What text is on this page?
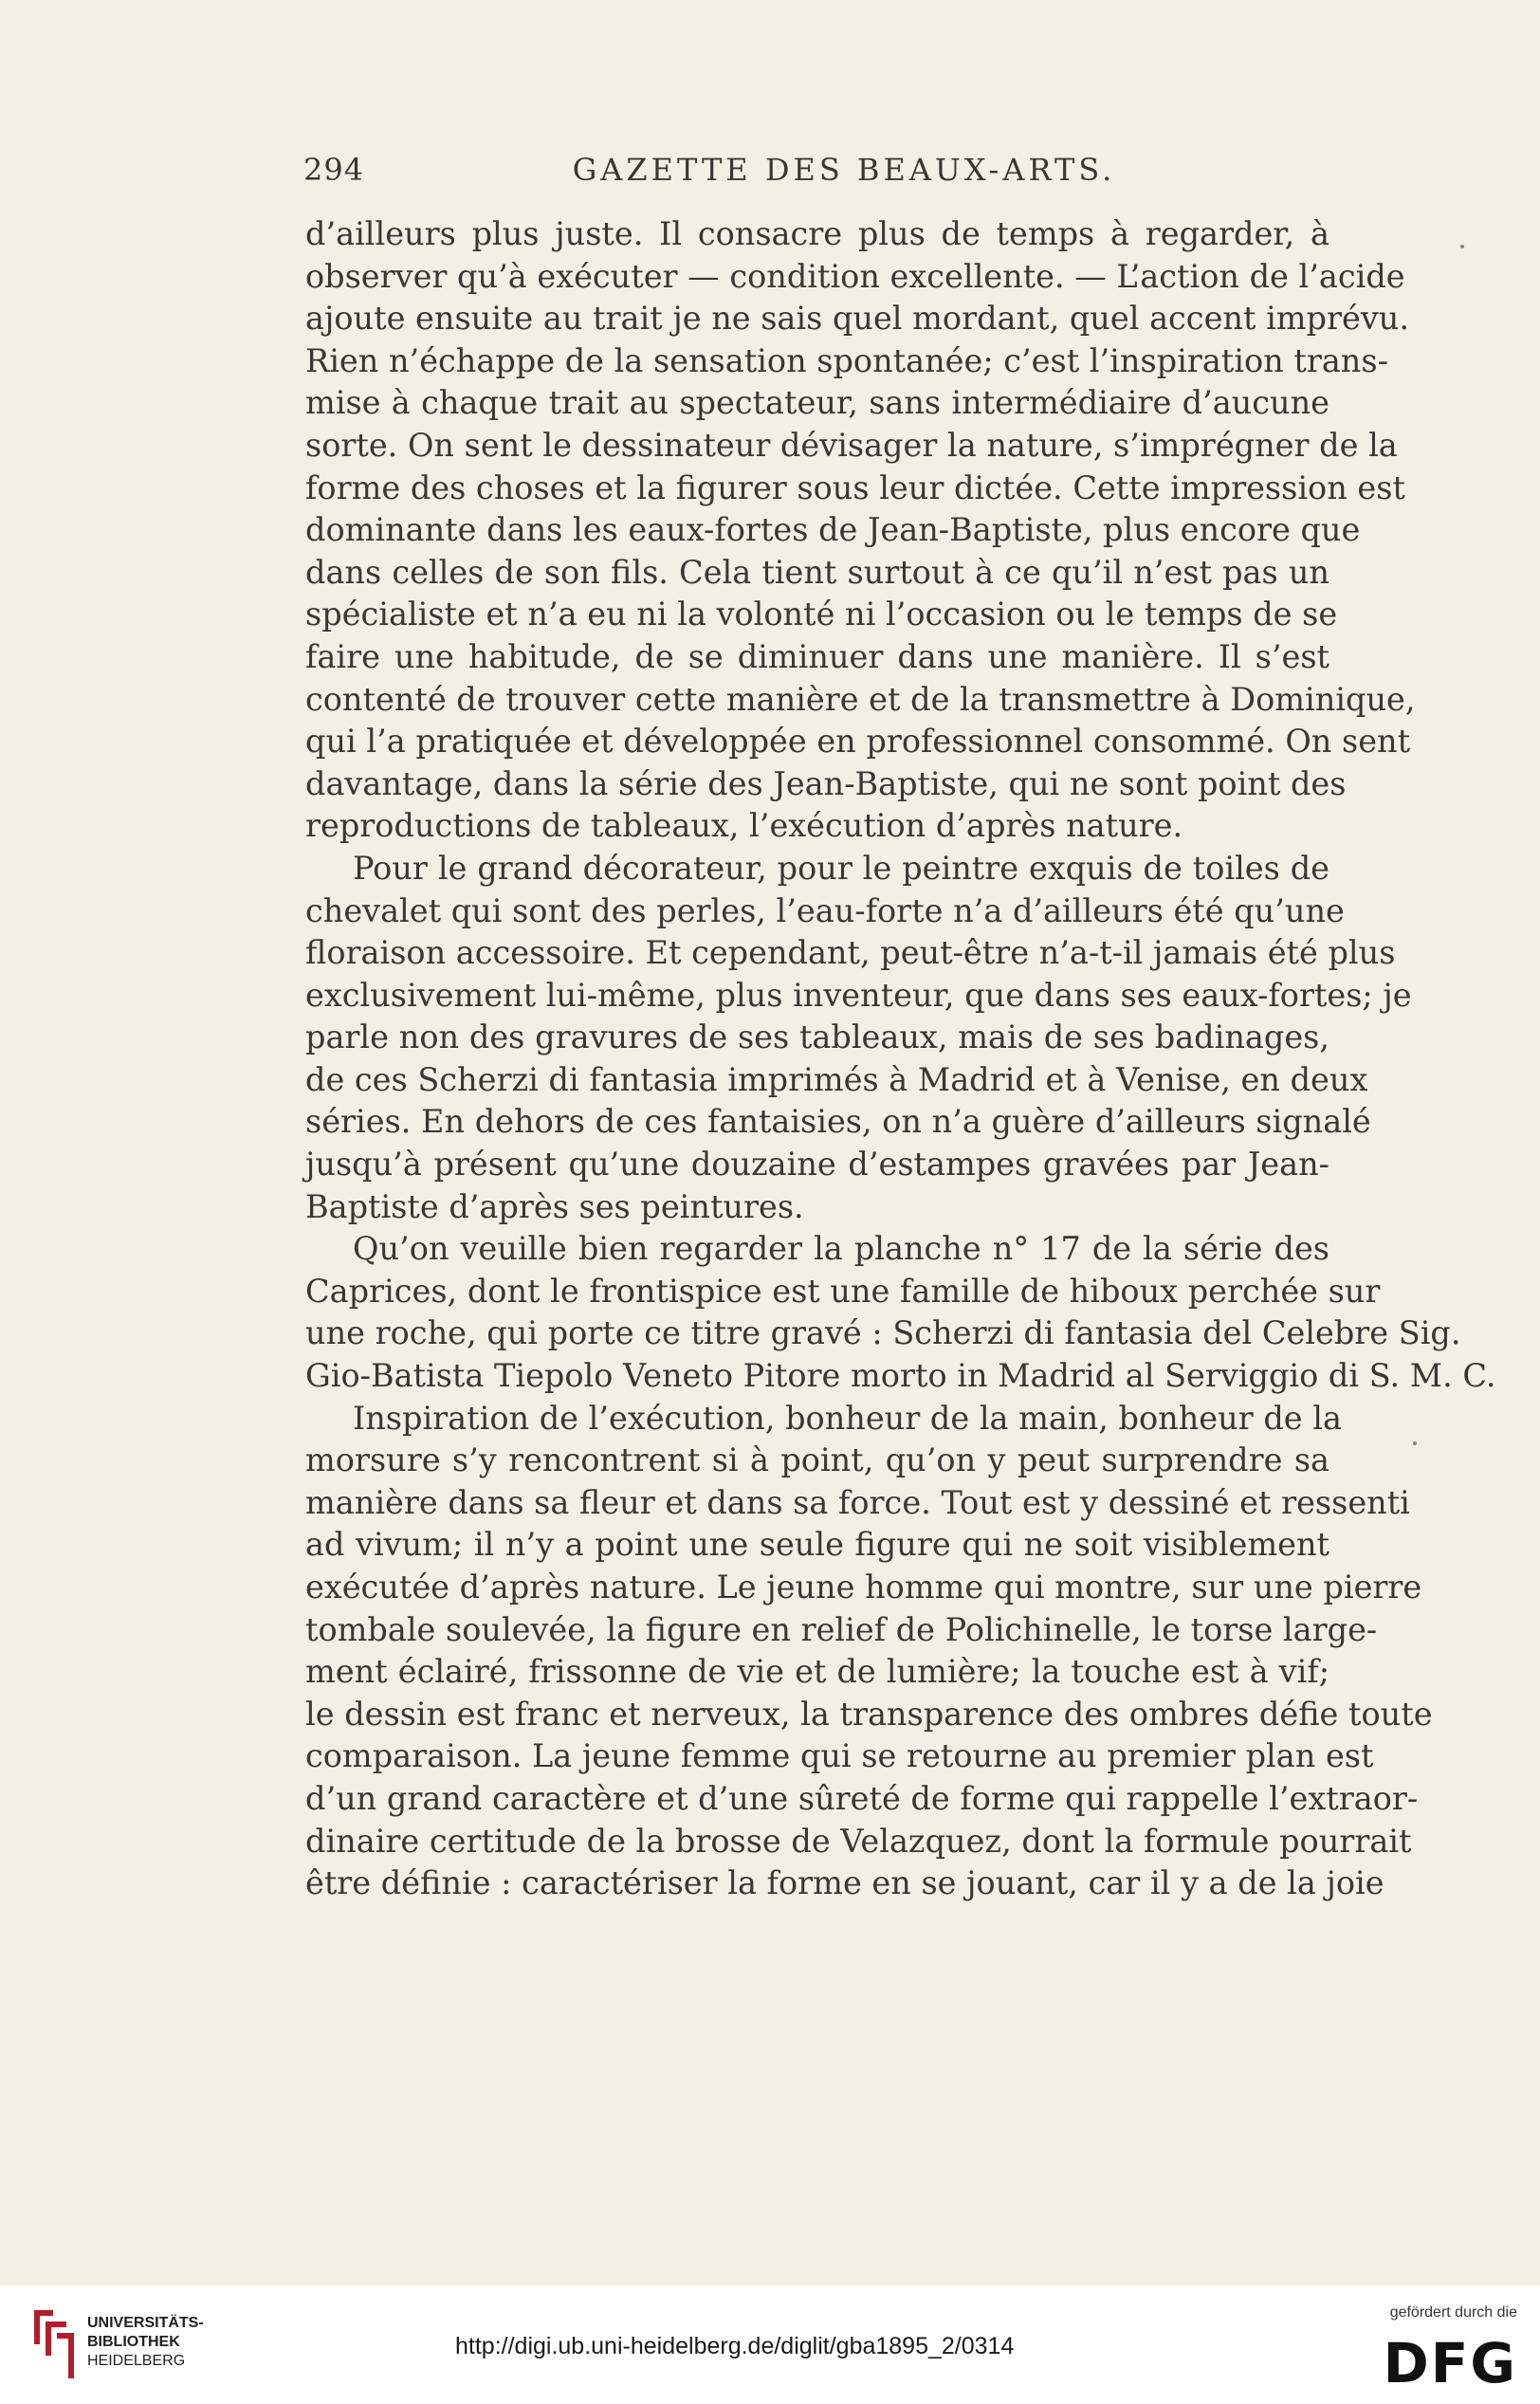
294	GAZETTE DES BEAUX-ARTS.
d’ailleurs plus juste. Il consacre plus de temps à regarder, à
observer qu’à exécuter — condition excellente. — L’action de l’acide
ajoute ensuite au trait je ne sais quel mordant, quel accent imprévu.
Rien n’échappe de la sensation spontanée; c’est l’inspiration trans-
mise à chaque trait au spectateur, sans intermédiaire d’aucune
sorte. On sent le dessinateur dévisager la nature, s’imprégner de la
forme des choses et la figurer sous leur dictée. Cette impression est
dominante dans les eaux-fortes de Jean-Baptiste, plus encore que
dans celles de son fils. Cela tient surtout à ce qu’il n’est pas un
spécialiste et n’a eu ni la volonté ni l’occasion ou le temps de se
faire une habitude, de se diminuer dans une manière. Il s’est
contenté de trouver cette manière et de la transmettre à Dominique,
qui l’a pratiquée et développée en professionnel consommé. On sent
davantage, dans la série des Jean-Baptiste, qui ne sont point des
reproductions de tableaux, l’exécution d’après nature.
Pour le grand décorateur, pour le peintre exquis de toiles de
chevalet qui sont des perles, l’eau-forte n’a d’ailleurs été qu’une
floraison accessoire. Et cependant, peut-être n’a-t-il jamais été plus
exclusivement lui-même, plus inventeur, que dans ses eaux-fortes; je
parle non des gravures de ses tableaux, mais de ses badinages,
de ces Scherzi di fantasia imprimés à Madrid et à Venise, en deux
séries. En dehors de ces fantaisies, on n’a guère d’ailleurs signalé
jusqu’à présent qu’une douzaine d’estampes gravées par Jean-
Baptiste d’après ses peintures.
Qu’on veuille bien regarder la planche n° 17 de la série des
Caprices, dont le frontispice est une famille de hiboux perchée sur
une roche, qui porte ce titre gravé : Scherzi di fantasia del Celebre Sig.
Gio-Batista Tiepolo Veneto Pitore morto in Madrid al Serviggio di S. M. C.
Inspiration de l’exécution, bonheur de la main, bonheur de la
morsure s’y rencontrent si à point, qu’on y peut surprendre sa
manière dans sa fleur et dans sa force. Tout est y dessiné et ressenti
ad vivum; il n’y a point une seule figure qui ne soit visiblement
exécutée d’après nature. Le jeune homme qui montre, sur une pierre
tombale soulevée, la figure en relief de Polichinelle, le torse large-
ment éclairé, frissonne de vie et de lumière; la touche est à vif;
le dessin est franc et nerveux, la transparence des ombres défie toute
comparaison. La jeune femme qui se retourne au premier plan est
d’un grand caractère et d’une sûreté de forme qui rappelle l’extraor-
dinaire certitude de la brosse de Velazquez, dont la formule pourrait
être définie : caractériser la forme en se jouant, car il y a de la joie
UNIVERSITÄTS-
BIBLIOTHEK
HEIDELBERG
http://digi.ub.uni-heidelberg.de/diglit/gba1895_2/0314
gefördert durch die
DFG
